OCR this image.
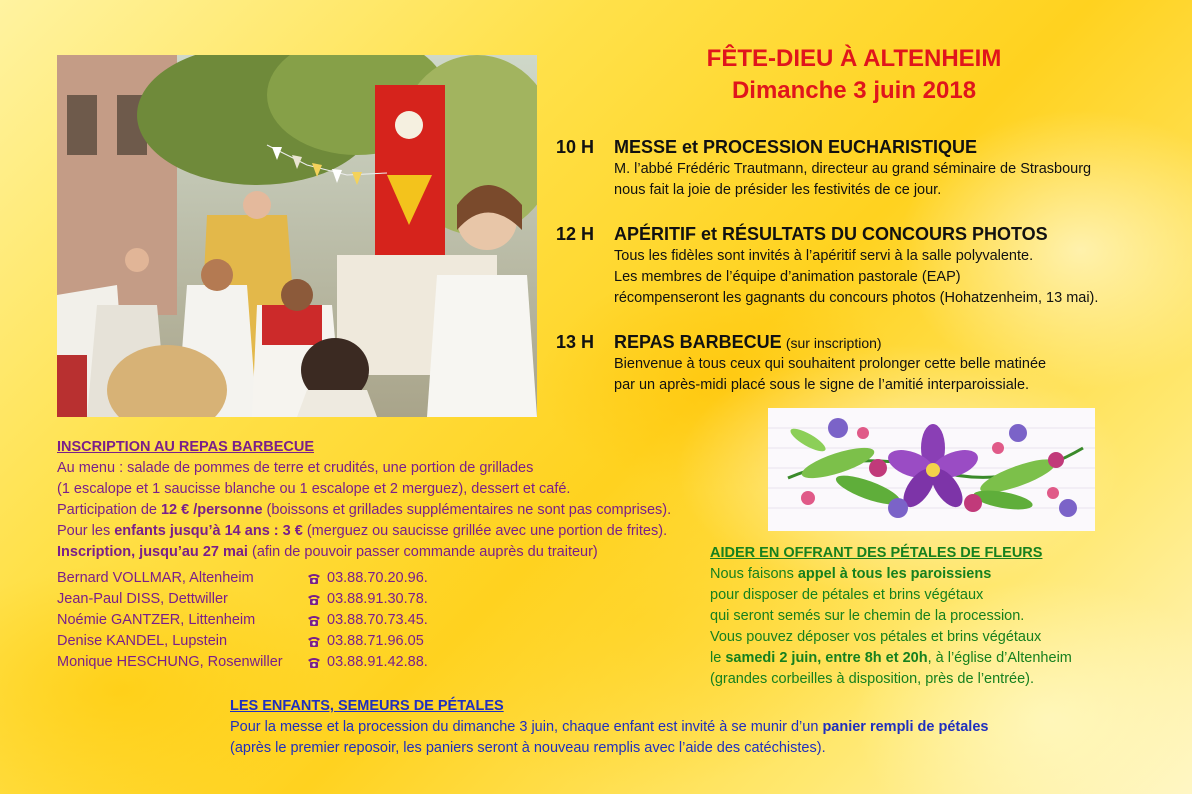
FÊTE-DIEU À ALTENHEIM
Dimanche 3 juin 2018
10 H MESSE et PROCESSION EUCHARISTIQUE
M. l’abbé Frédéric Trautmann, directeur au grand séminaire de Strasbourg
nous fait la joie de présider les festivités de ce jour.
12 H APÉRITIF et RÉSULTATS DU CONCOURS PHOTOS
Tous les fidèles sont invités à l’apéritif servi à la salle polyvalente.
Les membres de l’équipe d’animation pastorale (EAP)
récompenseront les gagnants du concours photos (Hohatzenheim, 13 mai).
13 H REPAS BARBECUE (sur inscription)
Bienvenue à tous ceux qui souhaitent prolonger cette belle matinée
par un après-midi placé sous le signe de l’amitié interparoissiale.
INSCRIPTION AU REPAS BARBECUE
Au menu : salade de pommes de terre et crudités, une portion de grillades
(1 escalope et 1 saucisse blanche ou 1 escalope et 2 merguez), dessert et café.
Participation de 12 € /personne (boissons et grillades supplémentaires ne sont pas comprises).
Pour les enfants jusqu’à 14 ans : 3 € (merguez ou saucisse grillée avec une portion de frites).
Inscription, jusqu’au 27 mai (afin de pouvoir passer commande auprès du traiteur)
Bernard VOLLMAR, Altenheim	03.88.70.20.96.
Jean-Paul DISS, Dettwiller	03.88.91.30.78.
Noémie GANTZER, Littenheim	03.88.70.73.45.
Denise KANDEL, Lupstein	03.88.71.96.05
Monique HESCHUNG, Rosenwiller	03.88.91.42.88.
AIDER EN OFFRANT DES PÉTALES DE FLEURS
Nous faisons appel à tous les paroissiens
pour disposer de pétales et brins végétaux
qui seront semés sur le chemin de la procession.
Vous pouvez déposer vos pétales et brins végétaux
le samedi 2 juin, entre 8h et 20h, à l’église d’Altenheim
(grandes corbeilles à disposition, près de l’entrée).
LES ENFANTS, SEMEURS DE PÉTALES
Pour la messe et la procession du dimanche 3 juin, chaque enfant est invité à se munir d’un panier rempli de pétales
(après le premier reposoir, les paniers seront à nouveau remplis avec l’aide des catéchistes).
